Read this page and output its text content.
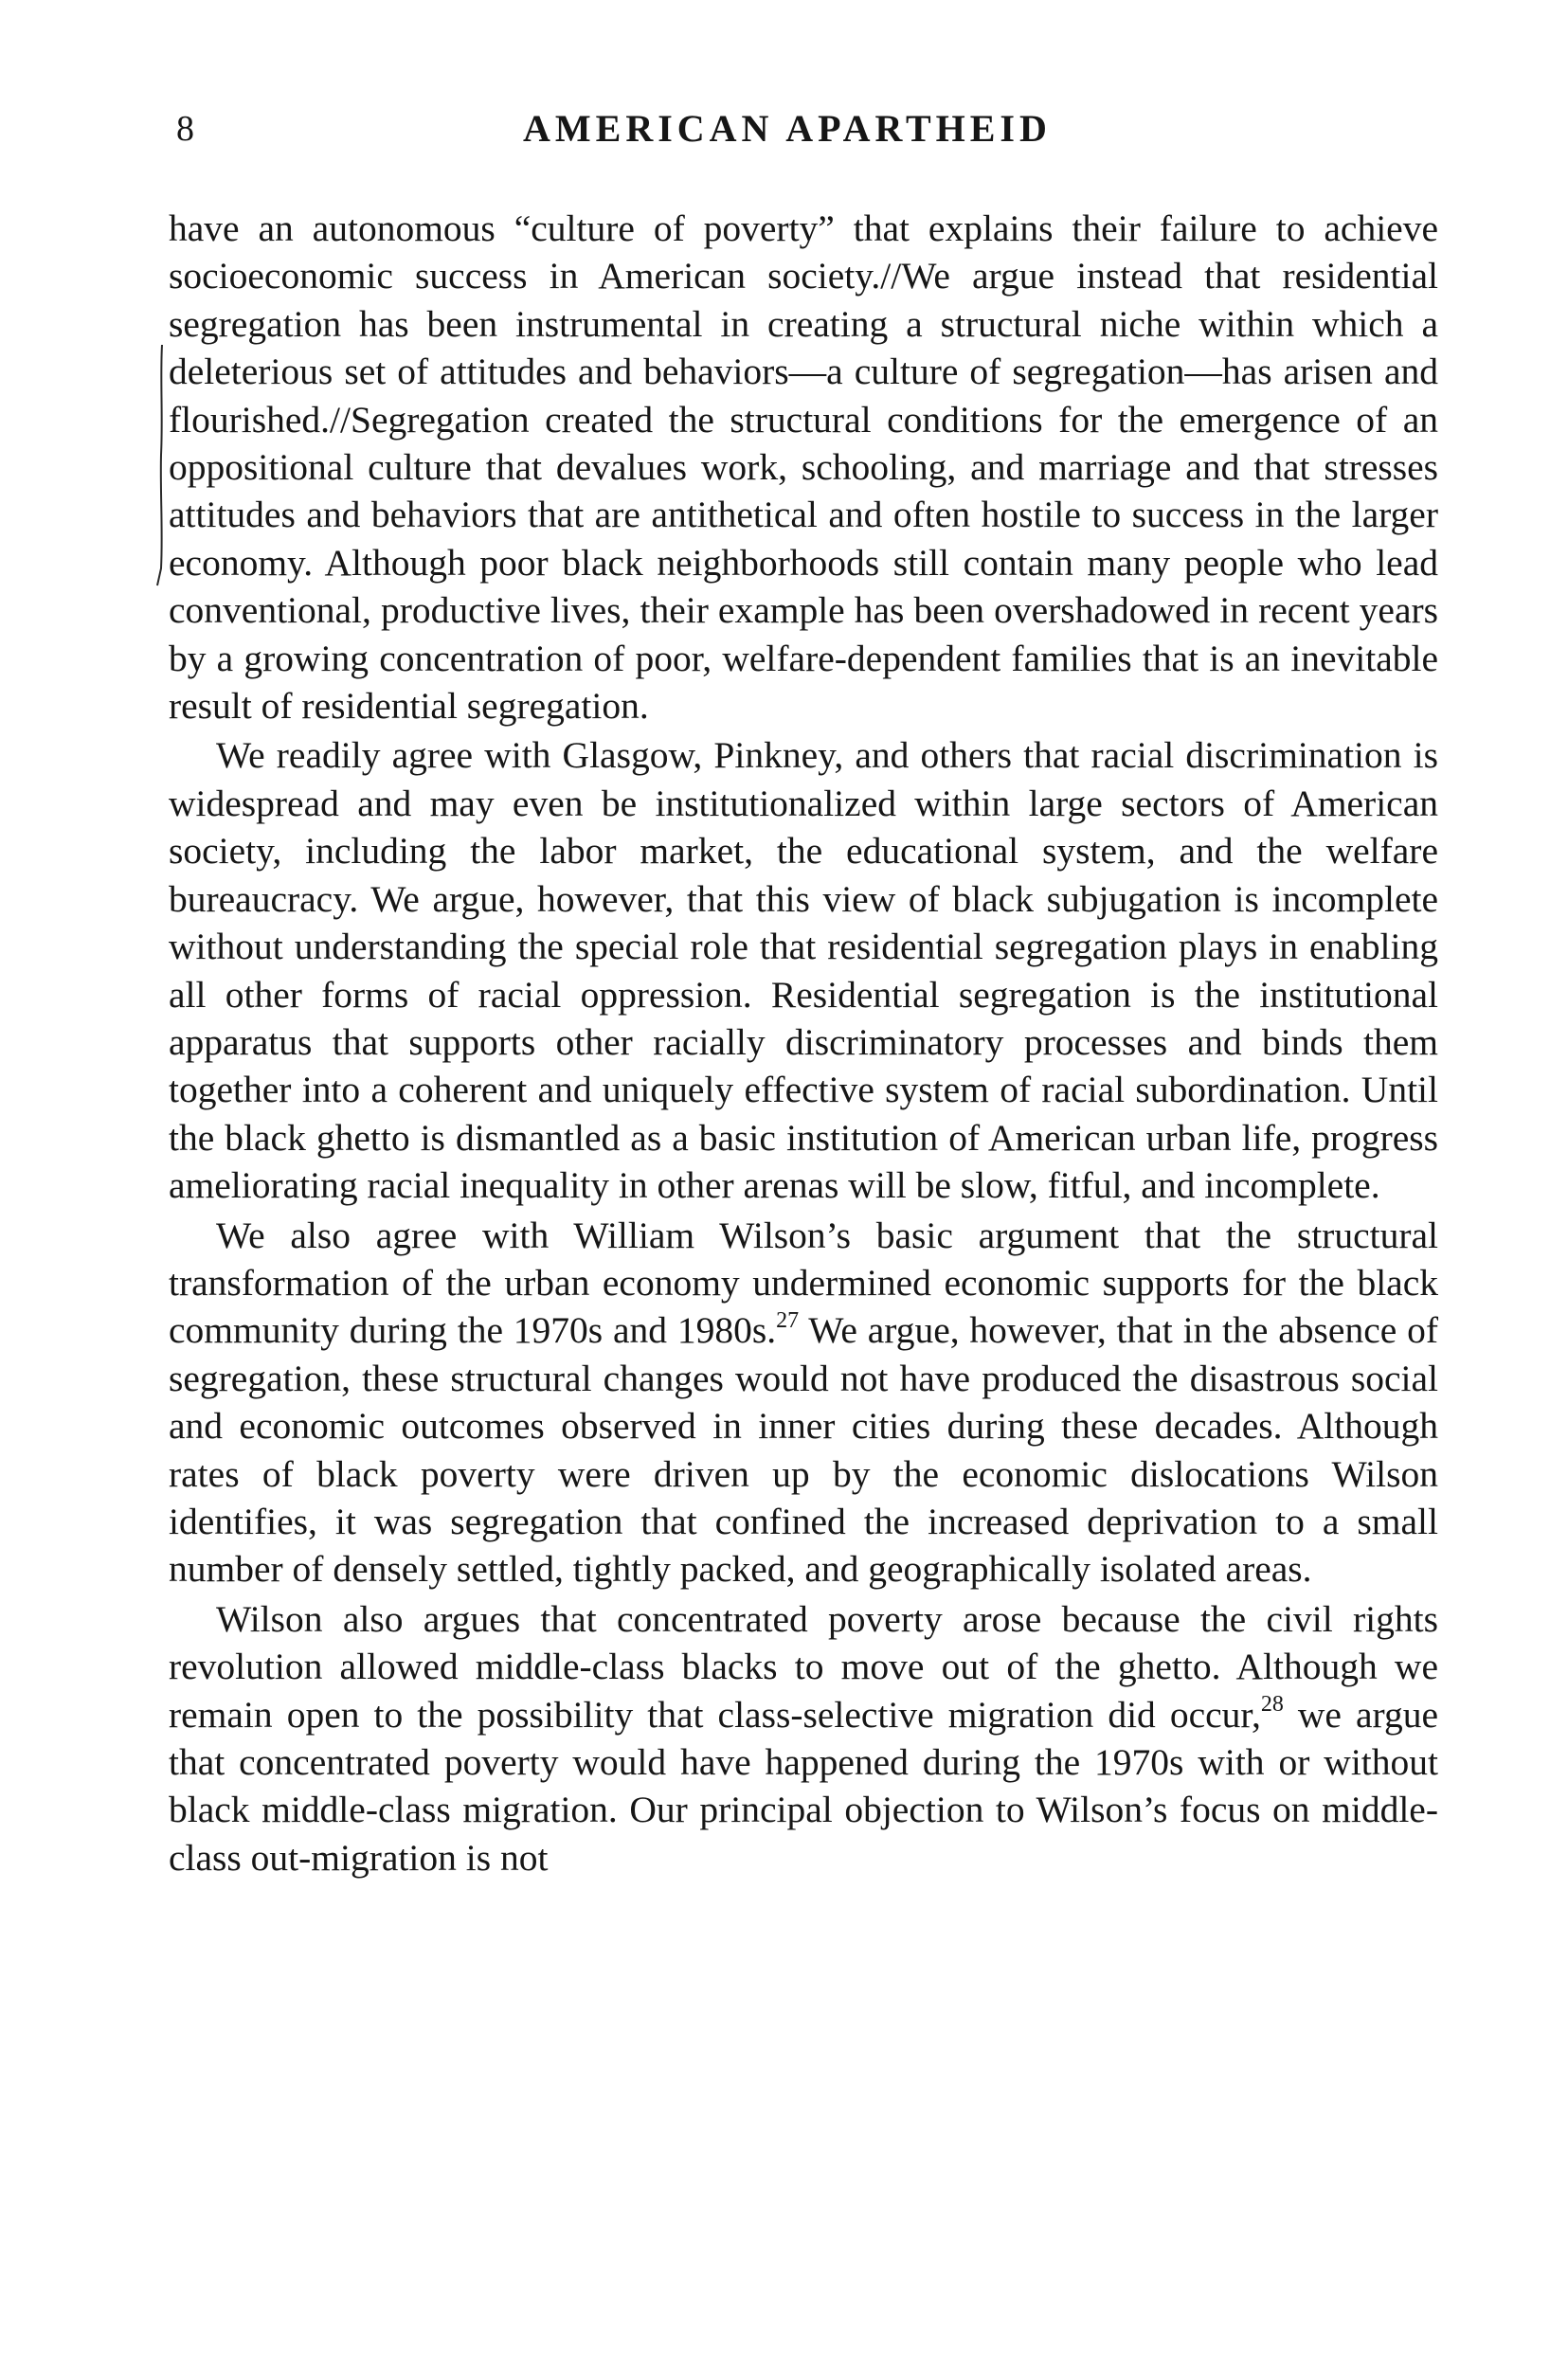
8	AMERICAN APARTHEID

have an autonomous “culture of poverty” that explains their failure to achieve socioeconomic success in American society.//We argue instead that residential segregation has been instrumental in creating a structural niche within which a deleterious set of attitudes and behaviors—a culture of segregation—has arisen and flourished.//Segregation created the structural conditions for the emergence of an oppositional culture that devalues work, schooling, and marriage and that stresses attitudes and behaviors that are antithetical and often hostile to success in the larger economy. Although poor black neighborhoods still contain many people who lead conventional, productive lives, their example has been overshadowed in recent years by a growing concentration of poor, welfare-dependent families that is an inevitable result of residential segregation.

We readily agree with Glasgow, Pinkney, and others that racial discrimination is widespread and may even be institutionalized within large sectors of American society, including the labor market, the educational system, and the welfare bureaucracy. We argue, however, that this view of black subjugation is incomplete without understanding the special role that residential segregation plays in enabling all other forms of racial oppression. Residential segregation is the institutional apparatus that supports other racially discriminatory processes and binds them together into a coherent and uniquely effective system of racial subordination. Until the black ghetto is dismantled as a basic institution of American urban life, progress ameliorating racial inequality in other arenas will be slow, fitful, and incomplete.

We also agree with William Wilson’s basic argument that the structural transformation of the urban economy undermined economic supports for the black community during the 1970s and 1980s.$^{27}$ We argue, however, that in the absence of segregation, these structural changes would not have produced the disastrous social and economic outcomes observed in inner cities during these decades. Although rates of black poverty were driven up by the economic dislocations Wilson identifies, it was segregation that confined the increased deprivation to a small number of densely settled, tightly packed, and geographically isolated areas.

Wilson also argues that concentrated poverty arose because the civil rights revolution allowed middle-class blacks to move out of the ghetto. Although we remain open to the possibility that class-selective migration did occur,$^{28}$ we argue that concentrated poverty would have happened during the 1970s with or without black middle-class migration. Our principal objection to Wilson’s focus on middle-class out-migration is not
